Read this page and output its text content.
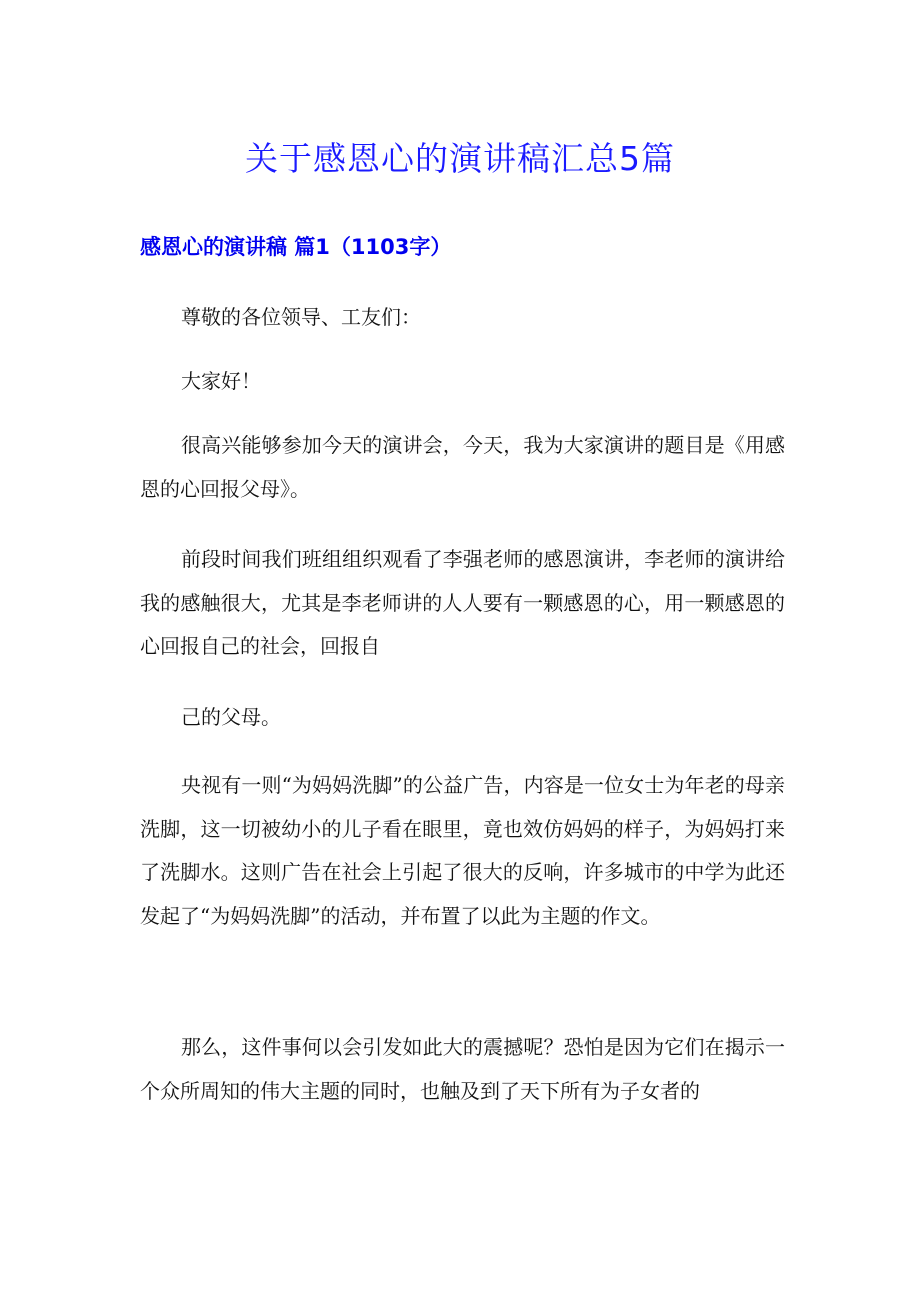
关于感恩心的演讲稿汇总5篇
感恩心的演讲稿 篇1（1103字）
尊敬的各位领导、工友们：
大家好！
很高兴能够参加今天的演讲会，今天，我为大家演讲的题目是《用感恩的心回报父母》。
前段时间我们班组组织观看了李强老师的感恩演讲，李老师的演讲给我的感触很大，尤其是李老师讲的人人要有一颗感恩的心，用一颗感恩的心回报自己的社会，回报自
己的父母。
央视有一则“为妈妈洗脚”的公益广告，内容是一位女士为年老的母亲洗脚，这一切被幼小的儿子看在眼里，竟也效仿妈妈的样子，为妈妈打来了洗脚水。这则广告在社会上引起了很大的反响，许多城市的中学为此还发起了“为妈妈洗脚”的活动，并布置了以此为主题的作文。
那么，这件事何以会引发如此大的震撼呢？恐怕是因为它们在揭示一个众所周知的伟大主题的同时，也触及到了天下所有为子女者的
